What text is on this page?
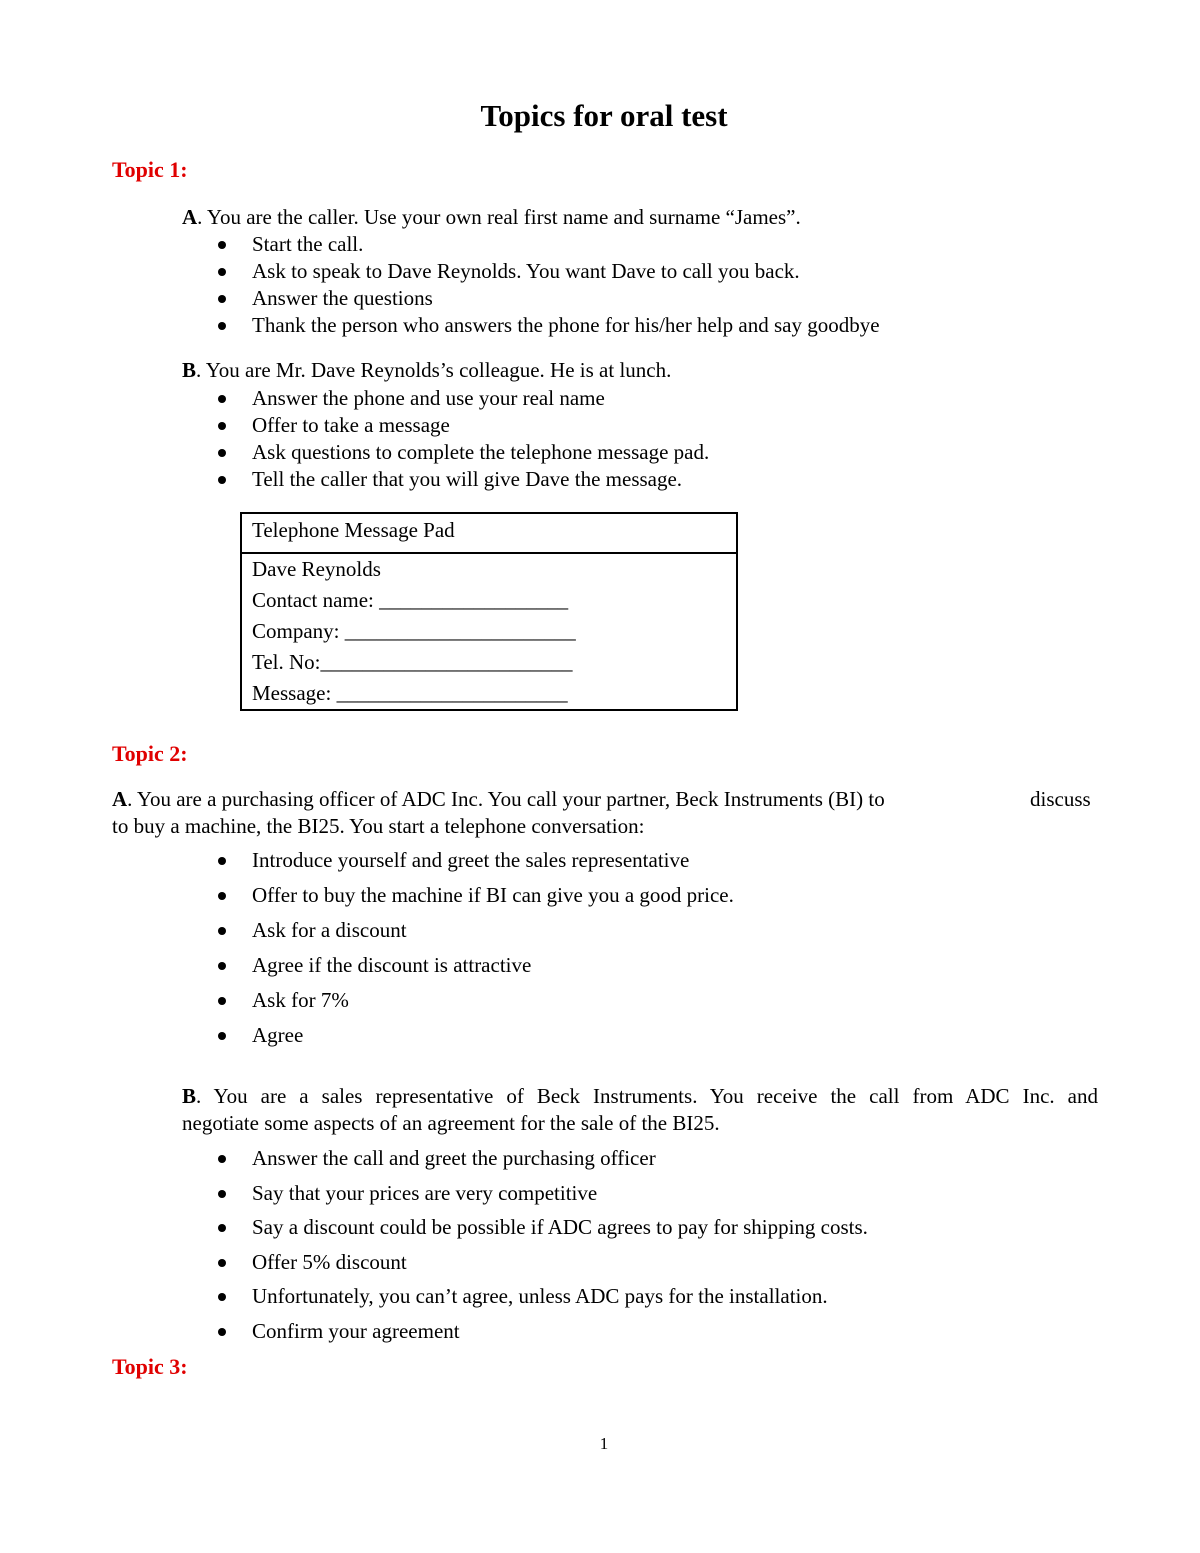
Topics for oral test
Topic 1:

A. You are the caller. Use your own real first name and surname “James”.

Start the call.
Ask to speak to Dave Reynolds. You want Dave to call you back.
Answer the questions
Thank the person who answers the phone for his/her help and say goodbye

B. You are Mr. Dave Reynolds’s colleague. He is at lunch.

Answer the phone and use your real name
Offer to take a message
Ask questions to complete the telephone message pad.
Tell the caller that you will give Dave the message.
Telephone Message Pad
Dave Reynolds
Contact name: __________________
Company: ______________________
Tel. No:________________________
Message: ______________________
Topic 2:

A. You are a purchasing officer of ADC Inc. You call your partner, Beck Instruments (BI) to	discuss

to buy a machine, the BI25. You start a telephone conversation:

Introduce yourself and greet the sales representative
Offer to buy the machine if BI can give you a good price.
Ask for a discount
Agree if the discount is attractive
Ask for 7%
Agree

B. You are a sales representative of Beck Instruments. You receive the call from ADC Inc. and

negotiate some aspects of an agreement for the sale of the BI25.

Answer the call and greet the purchasing officer
Say that your prices are very competitive
Say a discount could be possible if ADC agrees to pay for shipping costs.
Offer 5% discount
Unfortunately, you can’t agree, unless ADC pays for the installation.
Confirm your agreement
Topic 3:
1
